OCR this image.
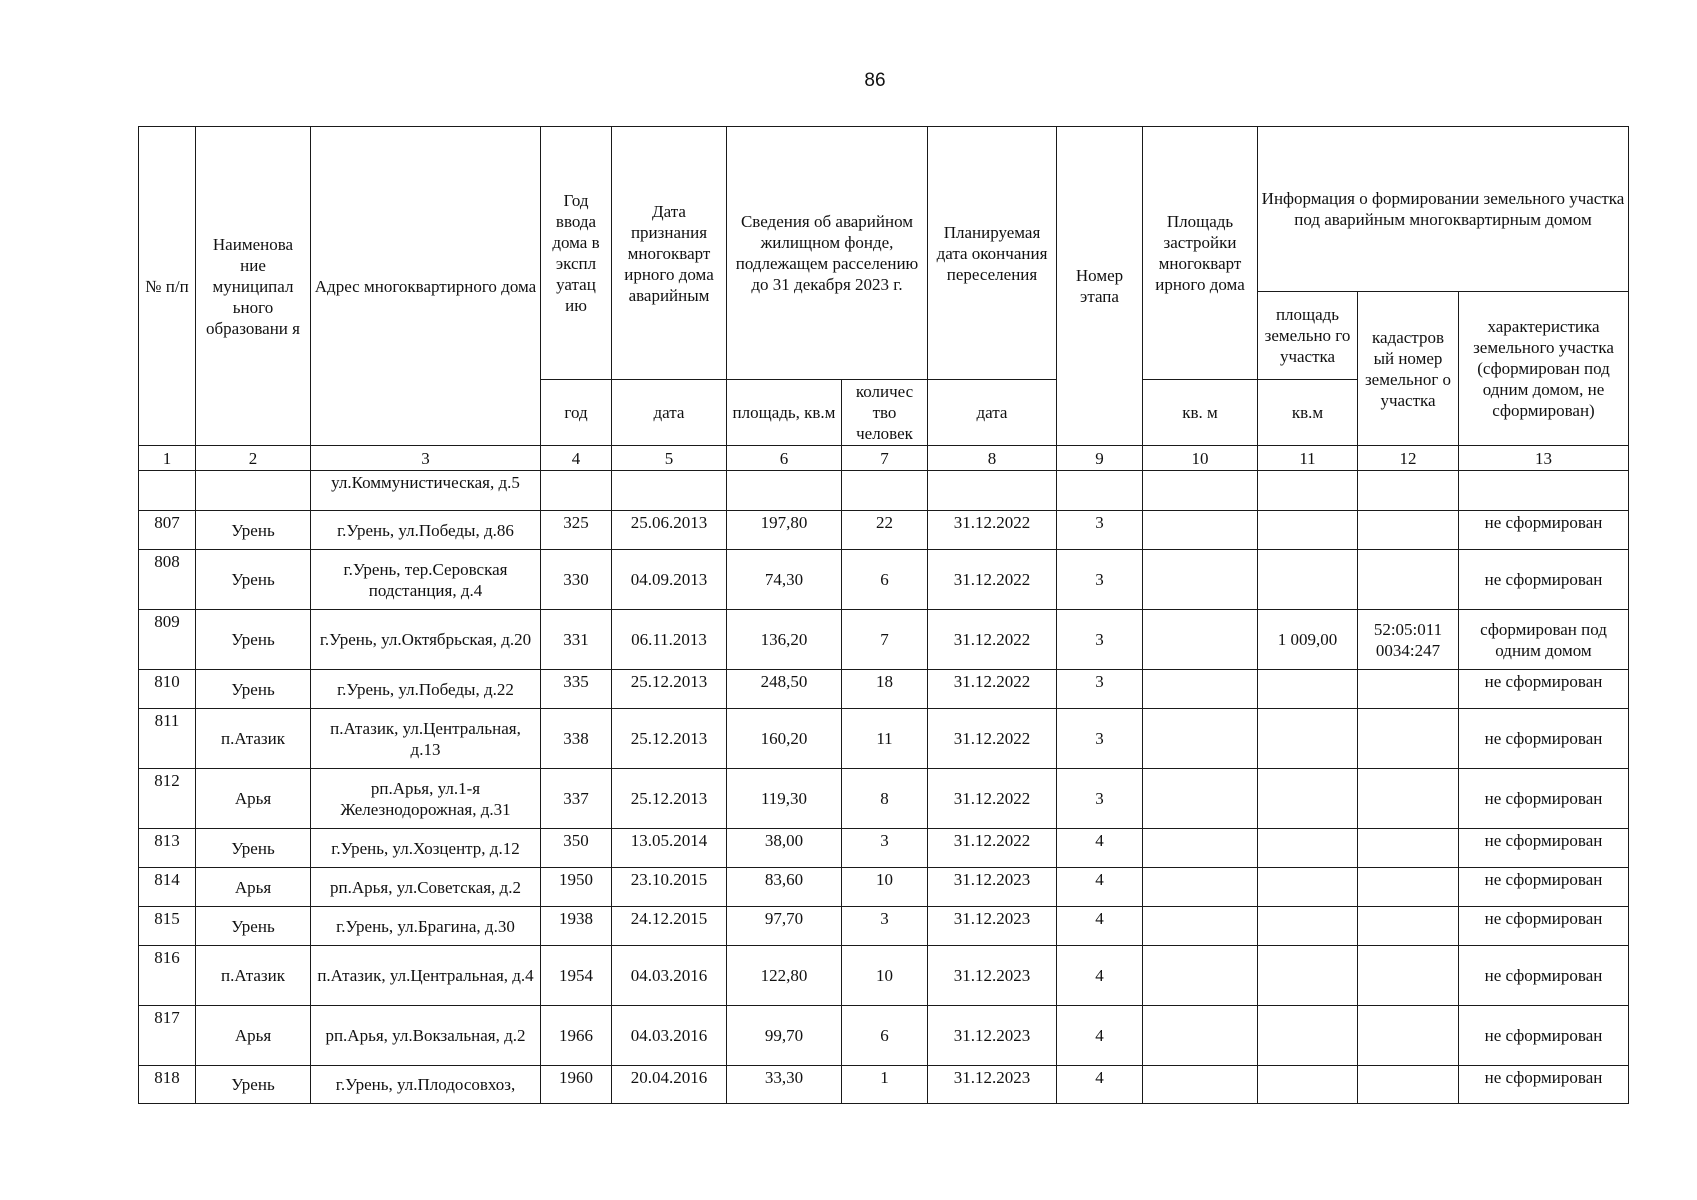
86
№ п/п	Наименова ние муниципал ьного образовани я	Адрес многоквартирного дома	Год ввода дома в экспл уатац ию	Дата признания многокварт ирного дома аварийным	Сведения об аварийном жилищном фонде, подлежащем расселению до 31 декабря 2023 г.		Планируемая дата окончания переселения	Номер этапа	Площадь застройки многокварт ирного дома	Информация о формировании земельного участка под аварийным многоквартирным домом		
										площадь земельно го участка	кадастров ый номер земельног о участка	характеристика земельного участка (сформирован под одним домом, не сформирован)
			год	дата	площадь, кв.м	количес тво человек	дата		кв. м	кв.м		
1	2	3	4	5	6	7	8	9	10	11	12	13
		ул.Коммунистическая, д.5										
807	Урень	г.Урень, ул.Победы, д.86	325	25.06.2013	197,80	22	31.12.2022	3				не сформирован
808	Урень	г.Урень, тер.Серовская подстанция, д.4	330	04.09.2013	74,30	6	31.12.2022	3				не сформирован
809	Урень	г.Урень, ул.Октябрьская, д.20	331	06.11.2013	136,20	7	31.12.2022	3		1 009,00	52:05:011 0034:247	сформирован под одним домом
810	Урень	г.Урень, ул.Победы, д.22	335	25.12.2013	248,50	18	31.12.2022	3				не сформирован
811	п.Атазик	п.Атазик, ул.Центральная, д.13	338	25.12.2013	160,20	11	31.12.2022	3				не сформирован
812	Арья	рп.Арья, ул.1-я Железнодорожная, д.31	337	25.12.2013	119,30	8	31.12.2022	3				не сформирован
813	Урень	г.Урень, ул.Хозцентр, д.12	350	13.05.2014	38,00	3	31.12.2022	4				не сформирован
814	Арья	рп.Арья, ул.Советская, д.2	1950	23.10.2015	83,60	10	31.12.2023	4				не сформирован
815	Урень	г.Урень, ул.Брагина, д.30	1938	24.12.2015	97,70	3	31.12.2023	4				не сформирован
816	п.Атазик	п.Атазик, ул.Центральная, д.4	1954	04.03.2016	122,80	10	31.12.2023	4				не сформирован
817	Арья	рп.Арья, ул.Вокзальная, д.2	1966	04.03.2016	99,70	6	31.12.2023	4				не сформирован
818	Урень	г.Урень, ул.Плодосовхоз,	1960	20.04.2016	33,30	1	31.12.2023	4				не сформирован
